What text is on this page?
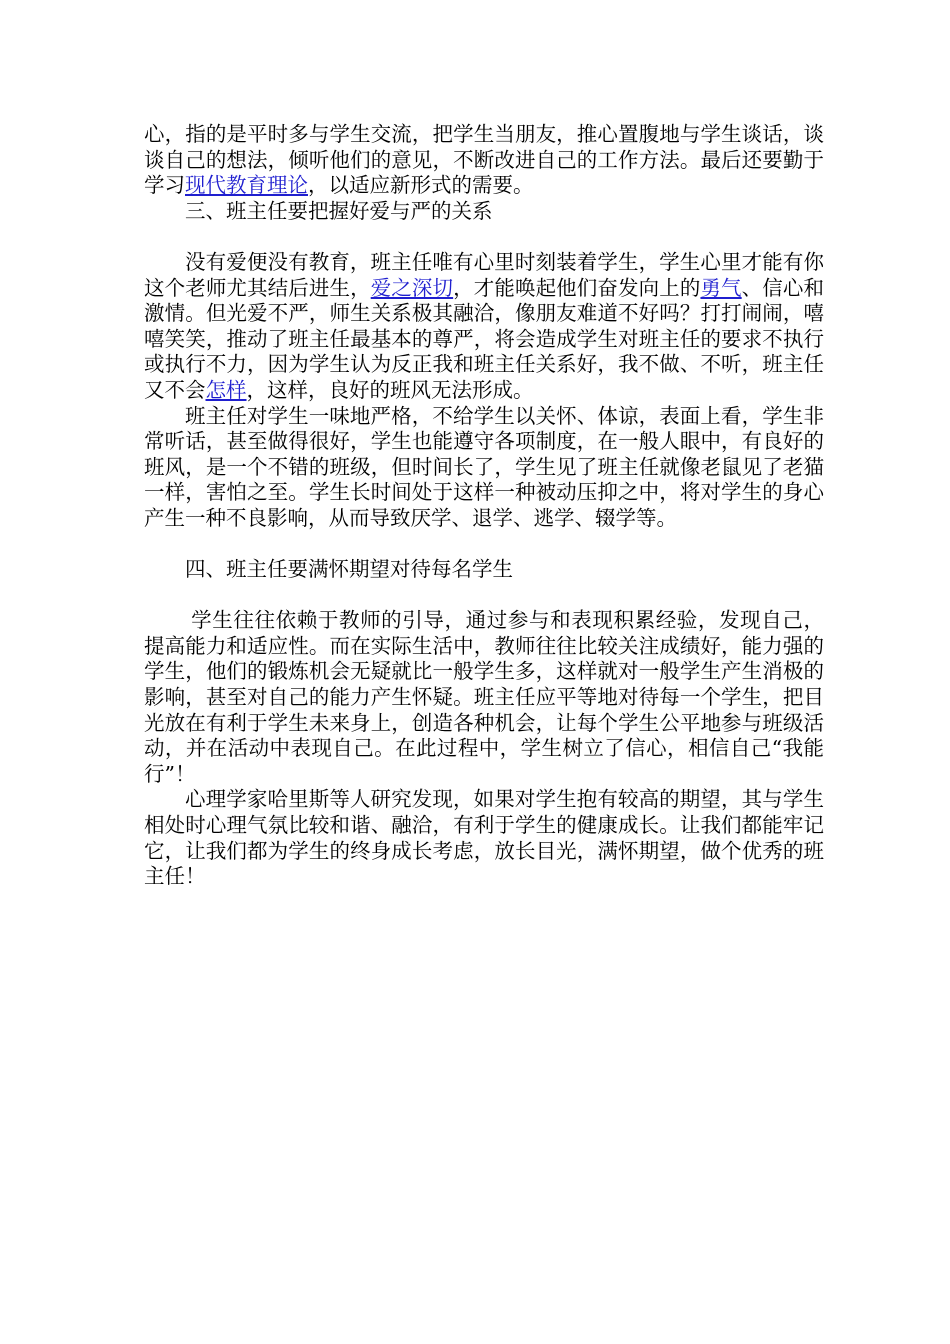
心，指的是平时多与学生交流，把学生当朋友，推心置腹地与学生谈话，谈谈自己的想法，倾听他们的意见，不断改进自己的工作方法。最后还要勤于学习现代教育理论，以适应新形式的需要。

三、班主任要把握好爱与严的关系

没有爱便没有教育，班主任唯有心里时刻装着学生，学生心里才能有你这个老师尤其结后进生，爱之深切，才能唤起他们奋发向上的勇气、信心和激情。但光爱不严，师生关系极其融洽，像朋友难道不好吗？打打闹闹，嘻嘻笑笑，推动了班主任最基本的尊严，将会造成学生对班主任的要求不执行或执行不力，因为学生认为反正我和班主任关系好，我不做、不听，班主任又不会怎样，这样，良好的班风无法形成。

班主任对学生一味地严格，不给学生以关怀、体谅，表面上看，学生非常听话，甚至做得很好，学生也能遵守各项制度，在一般人眼中，有良好的班风，是一个不错的班级，但时间长了，学生见了班主任就像老鼠见了老猫一样，害怕之至。学生长时间处于这样一种被动压抑之中，将对学生的身心产生一种不良影响，从而导致厌学、退学、逃学、辍学等。

四、班主任要满怀期望对待每名学生

学生往往依赖于教师的引导，通过参与和表现积累经验，发现自己，提高能力和适应性。而在实际生活中，教师往往比较关注成绩好，能力强的学生，他们的锻炼机会无疑就比一般学生多，这样就对一般学生产生消极的影响，甚至对自己的能力产生怀疑。班主任应平等地对待每一个学生，把目光放在有利于学生未来身上，创造各种机会，让每个学生公平地参与班级活动，并在活动中表现自己。在此过程中，学生树立了信心，相信自己“我能行”！

心理学家哈里斯等人研究发现，如果对学生抱有较高的期望，其与学生相处时心理气氛比较和谐、融洽，有利于学生的健康成长。让我们都能牢记它，让我们都为学生的终身成长考虑，放长目光，满怀期望，做个优秀的班主任！
